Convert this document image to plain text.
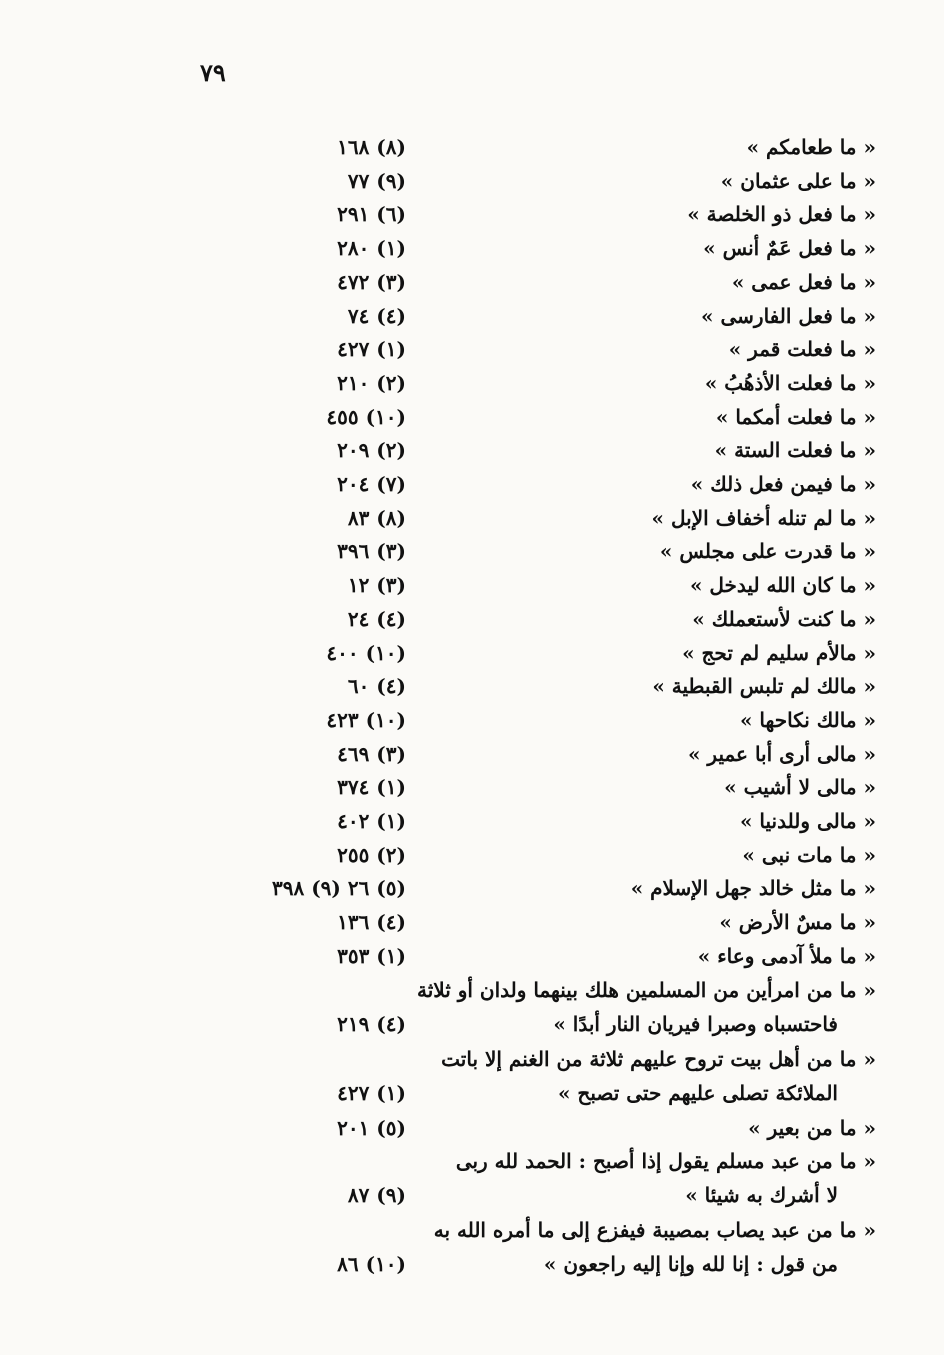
٧٩
« ما طعامكم »
(٨) ١٦٨
« ما على عثمان »
(٩) ٧٧
« ما فعل ذو الخلصة »
(٦) ٢٩١
« ما فعل عَمٌ أنس »
(١) ٢٨٠
« ما فعل عمى »
(٣) ٤٧٢
« ما فعل الفارسى »
(٤) ٧٤
« ما فعلت قمر »
(١) ٤٢٧
« ما فعلت الأذهُبُ »
(٢) ٢١٠
« ما فعلت أمكما »
(١٠) ٤٥٥
« ما فعلت الستة »
(٢) ٢٠٩
« ما فيمن فعل ذلك »
(٧) ٢٠٤
« ما لم تنله أخفاف الإبل »
(٨) ٨٣
« ما قدرت على مجلس »
(٣) ٣٩٦
« ما كان الله ليدخل »
(٣) ١٢
« ما كنت لأستعملك »
(٤) ٢٤
« مالأم سليم لم تحج »
(١٠) ٤٠٠
« مالك لم تلبس القبطية »
(٤) ٦٠
« مالك نكاحها »
(١٠) ٤٢٣
« مالى أرى أبا عمير »
(٣) ٤٦٩
« مالى لا أشيب »
(١) ٣٧٤
« مالى وللدنيا »
(١) ٤٠٢
« ما مات نبى »
(٢) ٢٥٥
« ما مثل خالد جهل الإسلام »
(٥) ٢٦ (٩) ٣٩٨
« ما مسٌ الأرض »
(٤) ١٣٦
« ما ملأ آدمى وعاء »
(١) ٣٥٣
« ما من امرأين من المسلمين هلك بينهما ولدان أو ثلاثة
فاحتسباه وصبرا فيريان النار أبدًا »
(٤) ٢١٩
« ما من أهل بيت تروح عليهم ثلاثة من الغنم إلا باتت
الملائكة تصلى عليهم حتى تصبح »
(١) ٤٢٧
« ما من بعير »
(٥) ٢٠١
« ما من عبد مسلم يقول إذا أصبح : الحمد لله ربى
لا أشرك به شيئا »
(٩) ٨٧
« ما من عبد يصاب بمصيبة فيفزع إلى ما أمره الله به
من قول : إنا لله وإنا إليه راجعون »
(١٠) ٨٦
